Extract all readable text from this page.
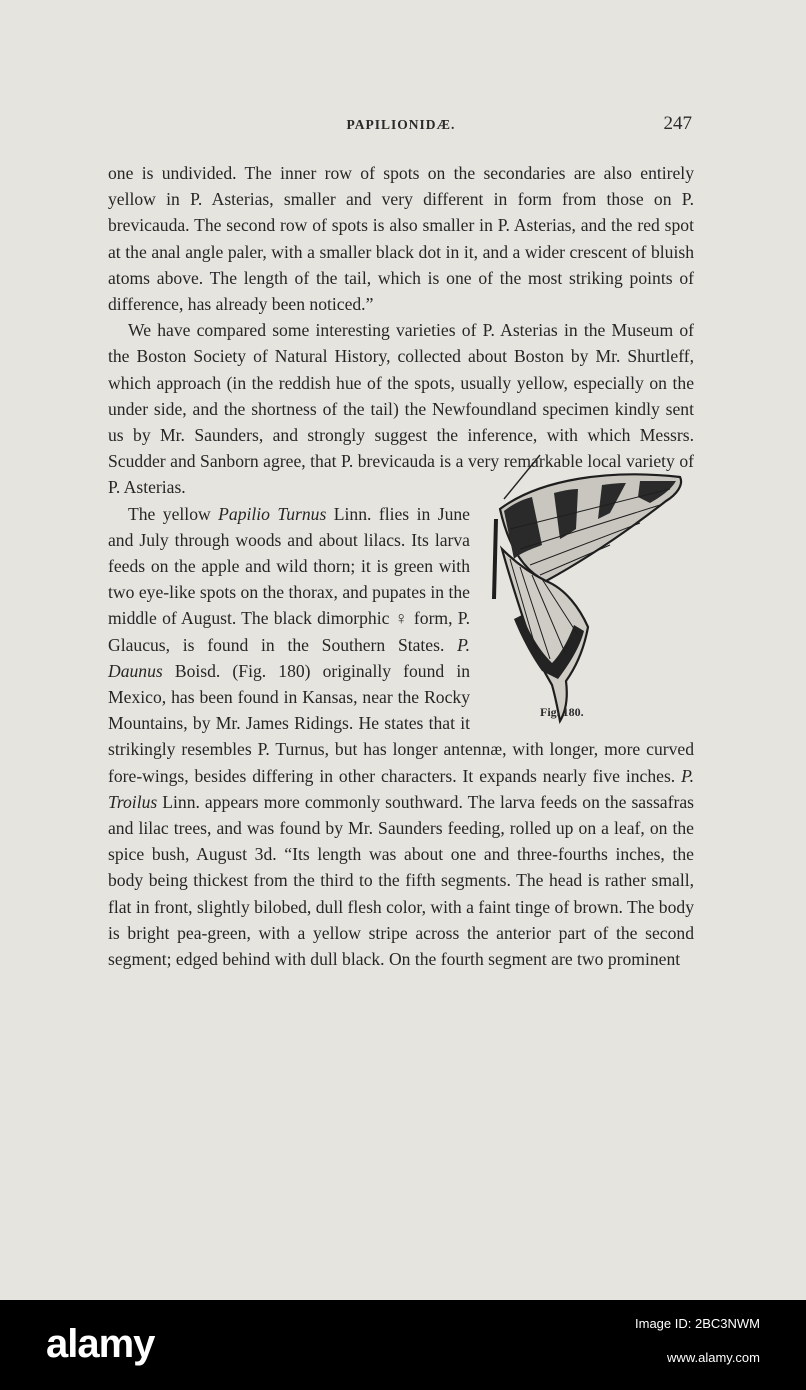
PAPILIONIDÆ.	247

one is undivided. The inner row of spots on the secondaries are also entirely yellow in P. Asterias, smaller and very different in form from those on P. brevicauda. The second row of spots is also smaller in P. Asterias, and the red spot at the anal angle paler, with a smaller black dot in it, and a wider crescent of bluish atoms above. The length of the tail, which is one of the most striking points of difference, has already been noticed.”

We have compared some interesting varieties of P. Asterias in the Museum of the Boston Society of Natural History, collected about Boston by Mr. Shurtleff, which approach (in the reddish hue of the spots, usually yellow, especially on the under side, and the shortness of the tail) the Newfoundland specimen kindly sent us by Mr. Saunders, and strongly suggest the inference, with which Messrs. Scudder and Sanborn agree, that P. brevicauda is a very remarkable local variety of P. Asterias.

Fig. 180.
The yellow Papilio Turnus Linn. flies in June and July through woods and about lilacs. Its larva feeds on the apple and wild thorn; it is green with two eye-like spots on the thorax, and pupates in the middle of August. The black dimorphic ♀ form, P. Glaucus, is found in the Southern States. P. Daunus Boisd. (Fig. 180) originally found in Mexico, has been found in Kansas, near the Rocky Mountains, by Mr. James Ridings. He states that it strikingly resembles P. Turnus, but has longer antennæ, with longer, more curved fore-wings, besides differing in other characters. It expands nearly five inches. P. Troilus Linn. appears more commonly southward. The larva feeds on the sassafras and lilac trees, and was found by Mr. Saunders feeding, rolled up on a leaf, on the spice bush, August 3d. “Its length was about one and three-fourths inches, the body being thickest from the third to the fifth segments. The head is rather small, flat in front, slightly bilobed, dull flesh color, with a faint tinge of brown. The body is bright pea-green, with a yellow stripe across the anterior part of the second segment; edged behind with dull black. On the fourth segment are two prominent

alamy	Image ID: 2BC3NWM
www.alamy.com
